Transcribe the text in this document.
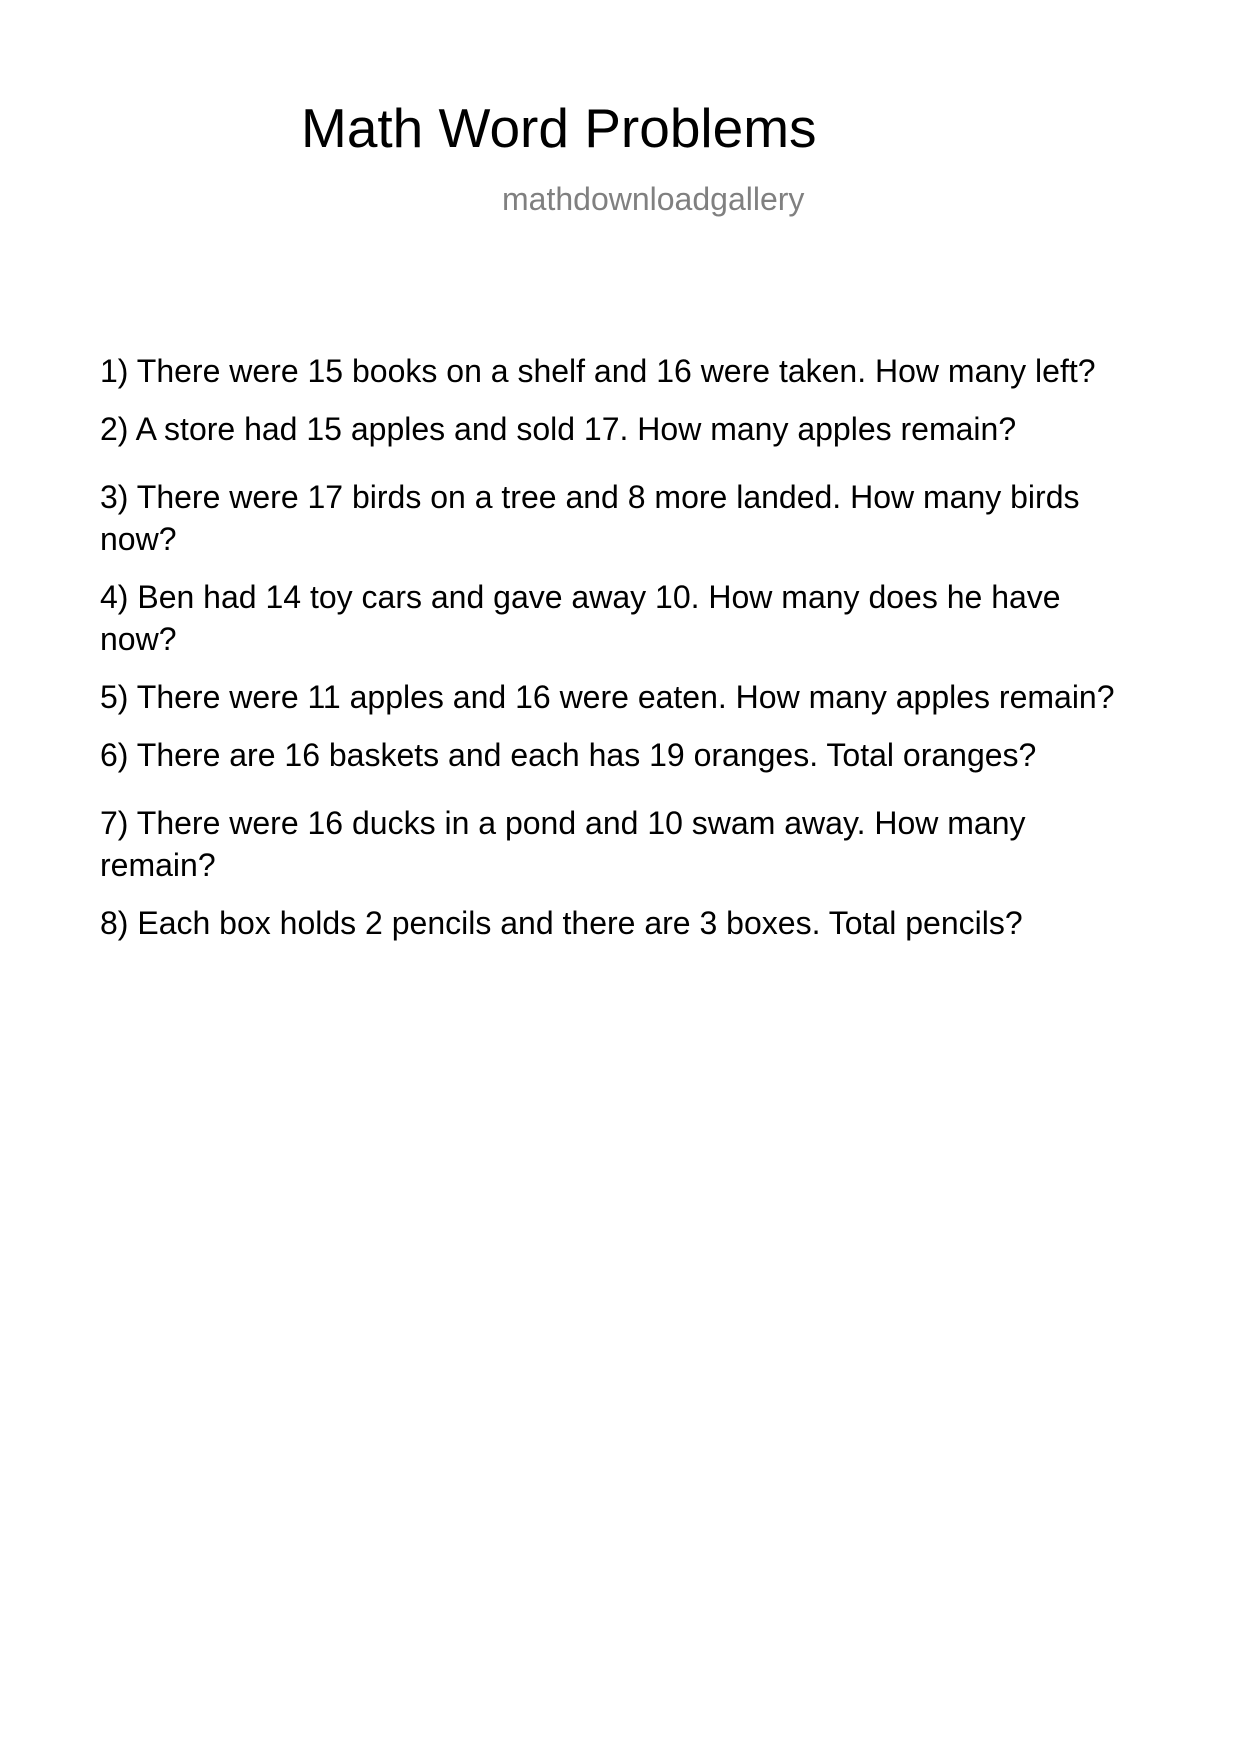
Math Word Problems
mathdownloadgallery

1) There were 15 books on a shelf and 16 were taken. How many left?

2) A store had 15 apples and sold 17. How many apples remain?

3) There were 17 birds on a tree and 8 more landed. How many birds now?

4) Ben had 14 toy cars and gave away 10. How many does he have now?

5) There were 11 apples and 16 were eaten. How many apples remain?

6) There are 16 baskets and each has 19 oranges. Total oranges?

7) There were 16 ducks in a pond and 10 swam away. How many remain?

8) Each box holds 2 pencils and there are 3 boxes. Total pencils?
